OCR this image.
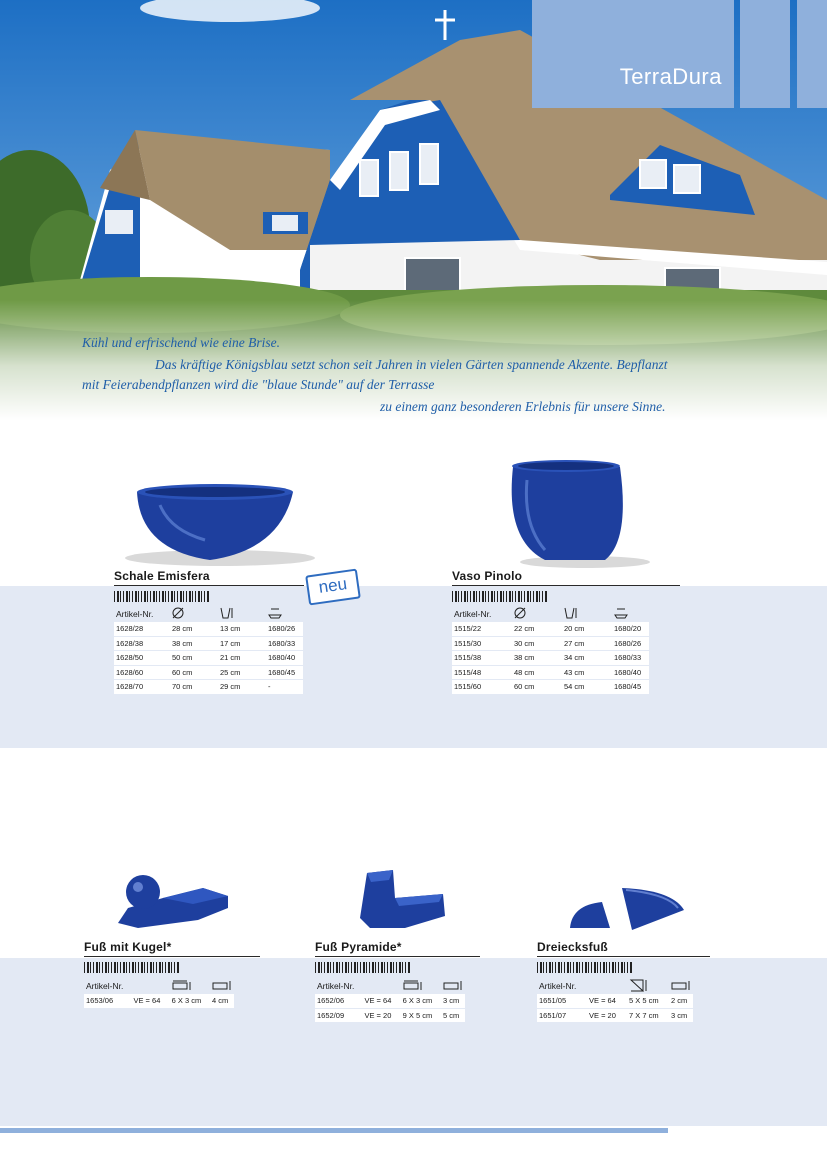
TerraDura
Kühl und erfrischend wie eine Brise.
Das kräftige Königsblau setzt schon seit Jahren in vielen Gärten spannende Akzente. Bepflanzt
mit Feierabendpflanzen wird die "blaue Stunde" auf der Terrasse
zu einem ganz besonderen Erlebnis für unsere Sinne.
neu
Schale Emisfera
Artikel-Nr.			
1628/28	28 cm	13 cm	1680/26
1628/38	38 cm	17 cm	1680/33
1628/50	50 cm	21 cm	1680/40
1628/60	60 cm	25 cm	1680/45
1628/70	70 cm	29 cm	-
Vaso Pinolo
Artikel-Nr.			
1515/22	22 cm	20 cm	1680/20
1515/30	30 cm	27 cm	1680/26
1515/38	38 cm	34 cm	1680/33
1515/48	48 cm	43 cm	1680/40
1515/60	60 cm	54 cm	1680/45
Fuß mit Kugel*
Artikel-Nr.			
1653/06	VE = 64	6 X 3 cm	4 cm
Fuß Pyramide*
Artikel-Nr.			
1652/06	VE = 64	6 X 3 cm	3 cm
1652/09	VE = 20	9 X 5 cm	5 cm
Dreiecksfuß
Artikel-Nr.			
1651/05	VE = 64	5 X 5 cm	2 cm
1651/07	VE = 20	7 X 7 cm	3 cm
